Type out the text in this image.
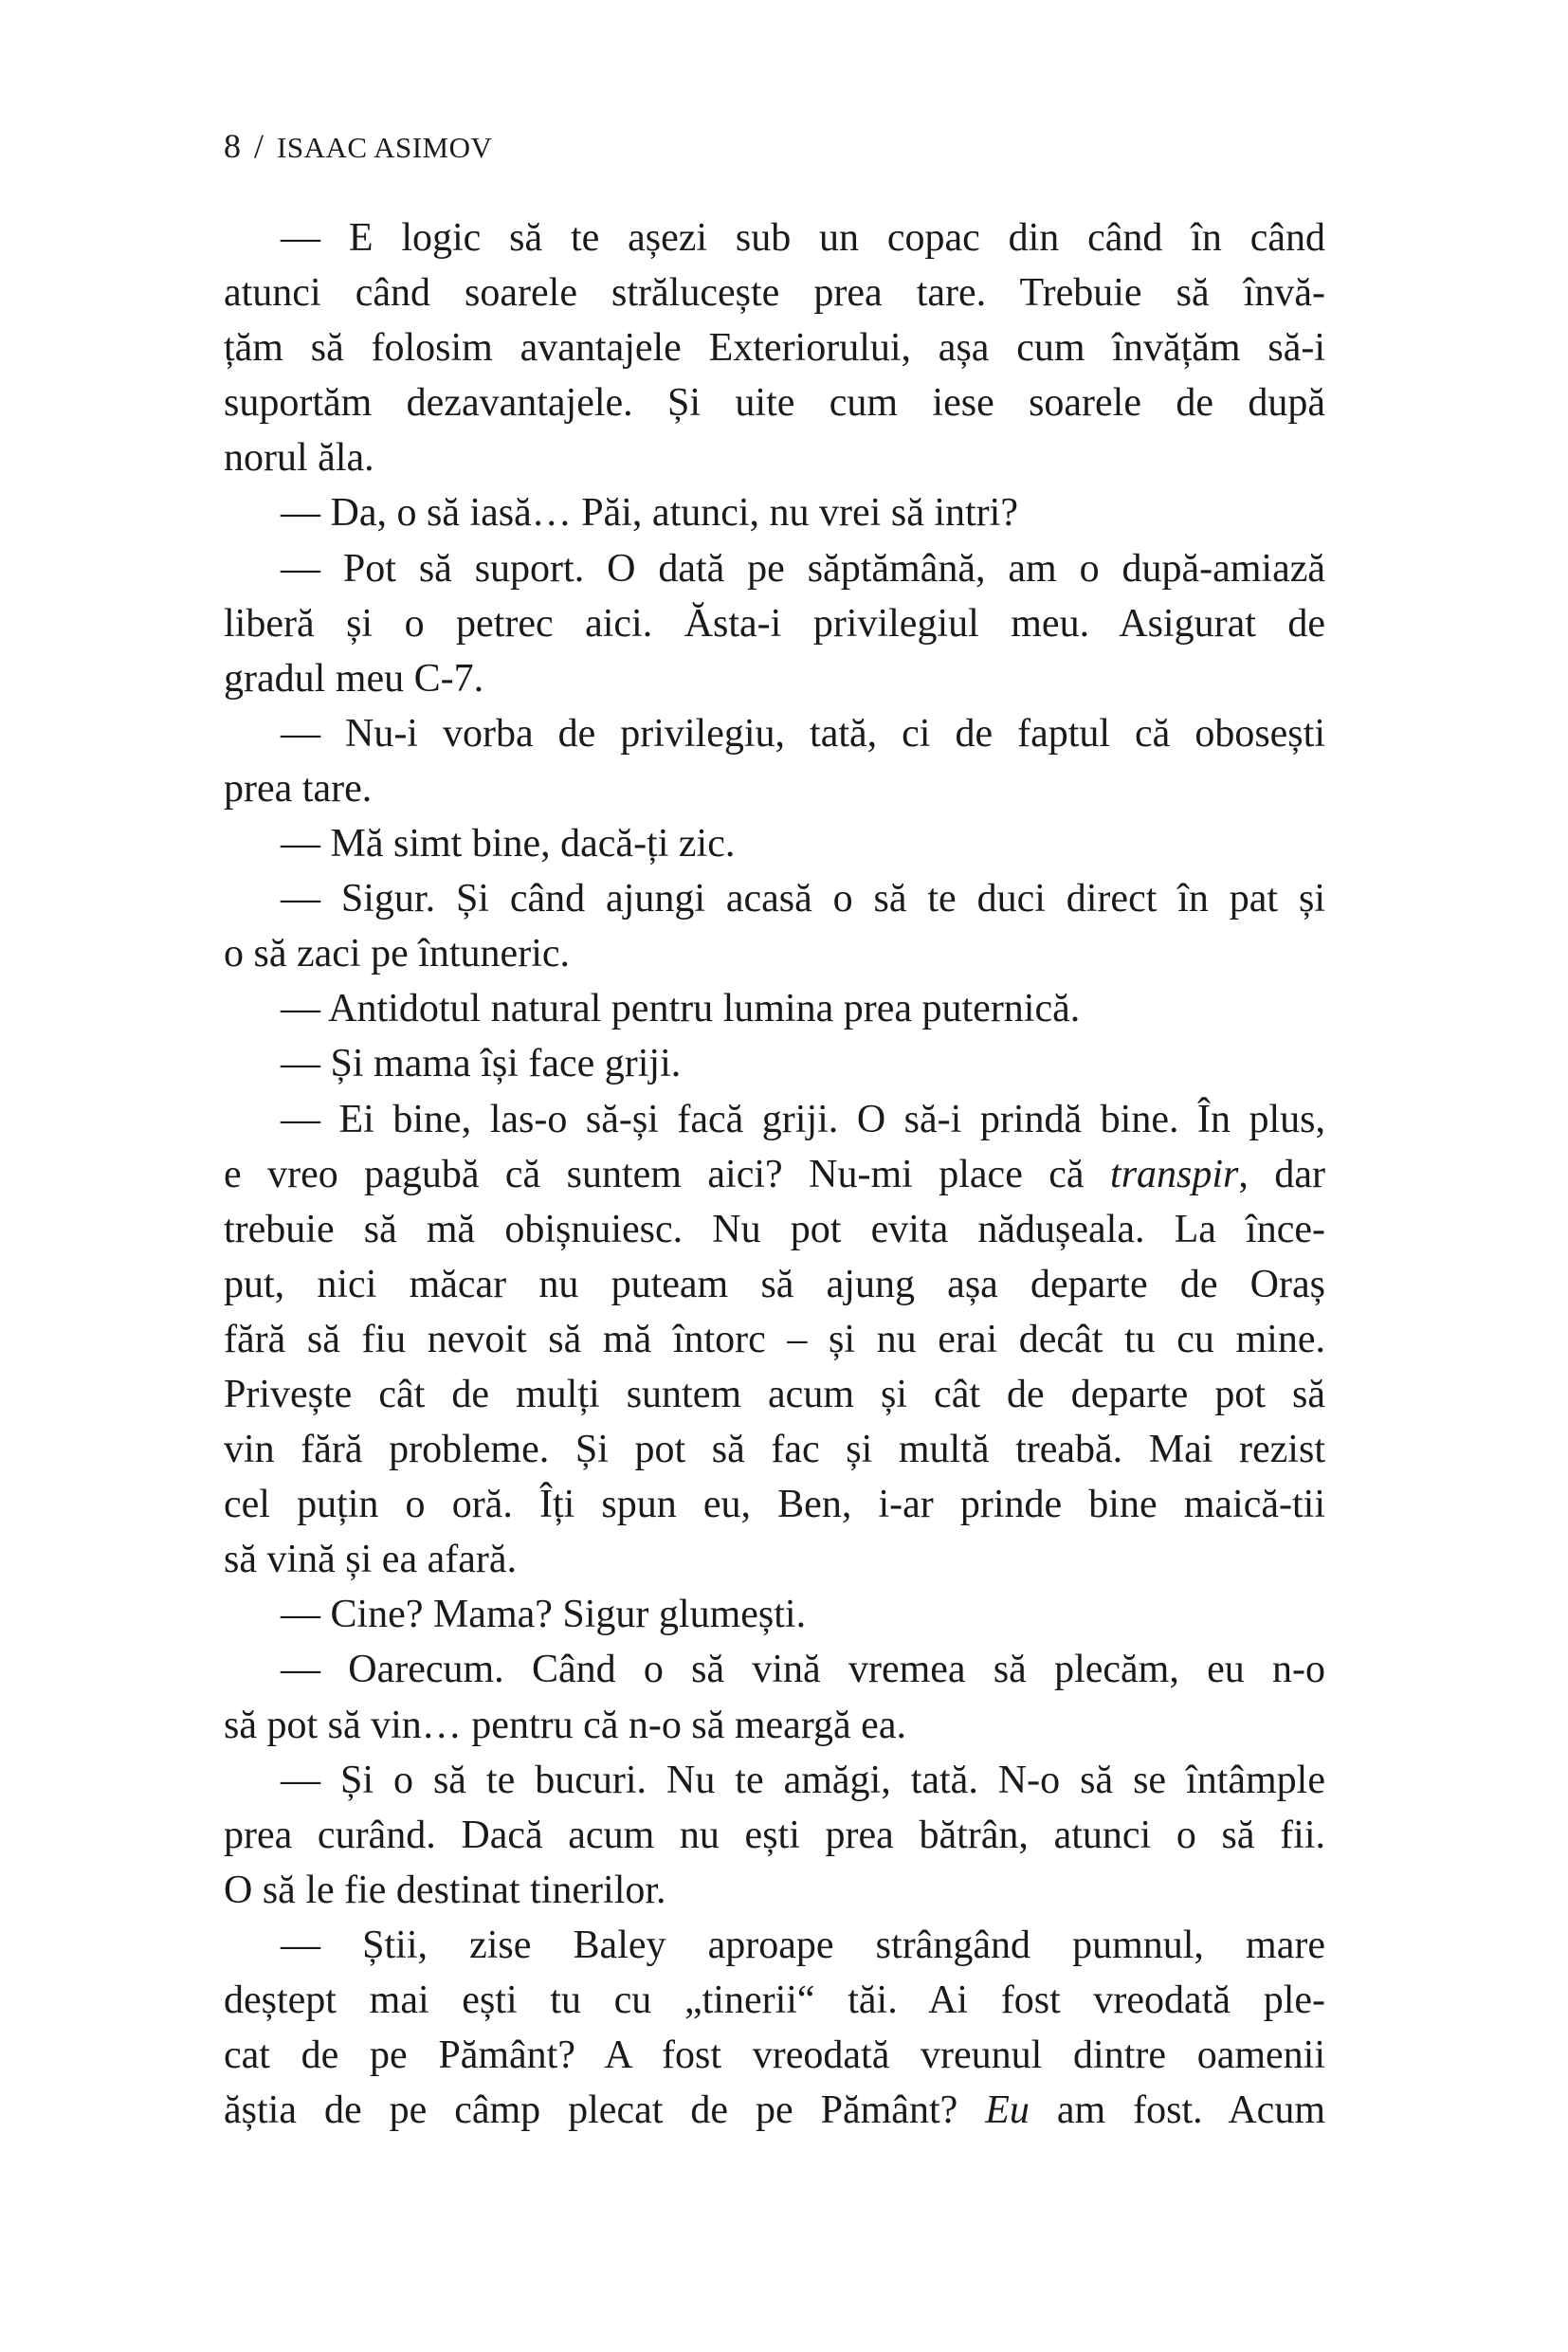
8 / ISAAC ASIMOV
— E logic să te așezi sub un copac din când în când
atunci când soarele strălucește prea tare. Trebuie să învă-
țăm să folosim avantajele Exteriorului, așa cum învățăm să-i
suportăm dezavantajele. Și uite cum iese soarele de după
norul ăla.
— Da, o să iasă… Păi, atunci, nu vrei să intri?
— Pot să suport. O dată pe săptămână, am o după-amiază
liberă și o petrec aici. Ăsta-i privilegiul meu. Asigurat de
gradul meu C-7.
— Nu-i vorba de privilegiu, tată, ci de faptul că obosești
prea tare.
— Mă simt bine, dacă-ți zic.
— Sigur. Și când ajungi acasă o să te duci direct în pat și
o să zaci pe întuneric.
— Antidotul natural pentru lumina prea puternică.
— Și mama își face griji.
— Ei bine, las-o să-și facă griji. O să-i prindă bine. În plus,
e vreo pagubă că suntem aici? Nu-mi place că transpir, dar
trebuie să mă obișnuiesc. Nu pot evita nădușeala. La înce-
put, nici măcar nu puteam să ajung așa departe de Oraș
fără să fiu nevoit să mă întorc – și nu erai decât tu cu mine.
Privește cât de mulți suntem acum și cât de departe pot să
vin fără probleme. Și pot să fac și multă treabă. Mai rezist
cel puțin o oră. Îți spun eu, Ben, i-ar prinde bine maică-tii
să vină și ea afară.
— Cine? Mama? Sigur glumești.
— Oarecum. Când o să vină vremea să plecăm, eu n-o
să pot să vin… pentru că n-o să meargă ea.
— Și o să te bucuri. Nu te amăgi, tată. N-o să se întâmple
prea curând. Dacă acum nu ești prea bătrân, atunci o să fii.
O să le fie destinat tinerilor.
— Știi, zise Baley aproape strângând pumnul, mare
deștept mai ești tu cu „tinerii“ tăi. Ai fost vreodată ple-
cat de pe Pământ? A fost vreodată vreunul dintre oamenii
ăștia de pe câmp plecat de pe Pământ? Eu am fost. Acum
